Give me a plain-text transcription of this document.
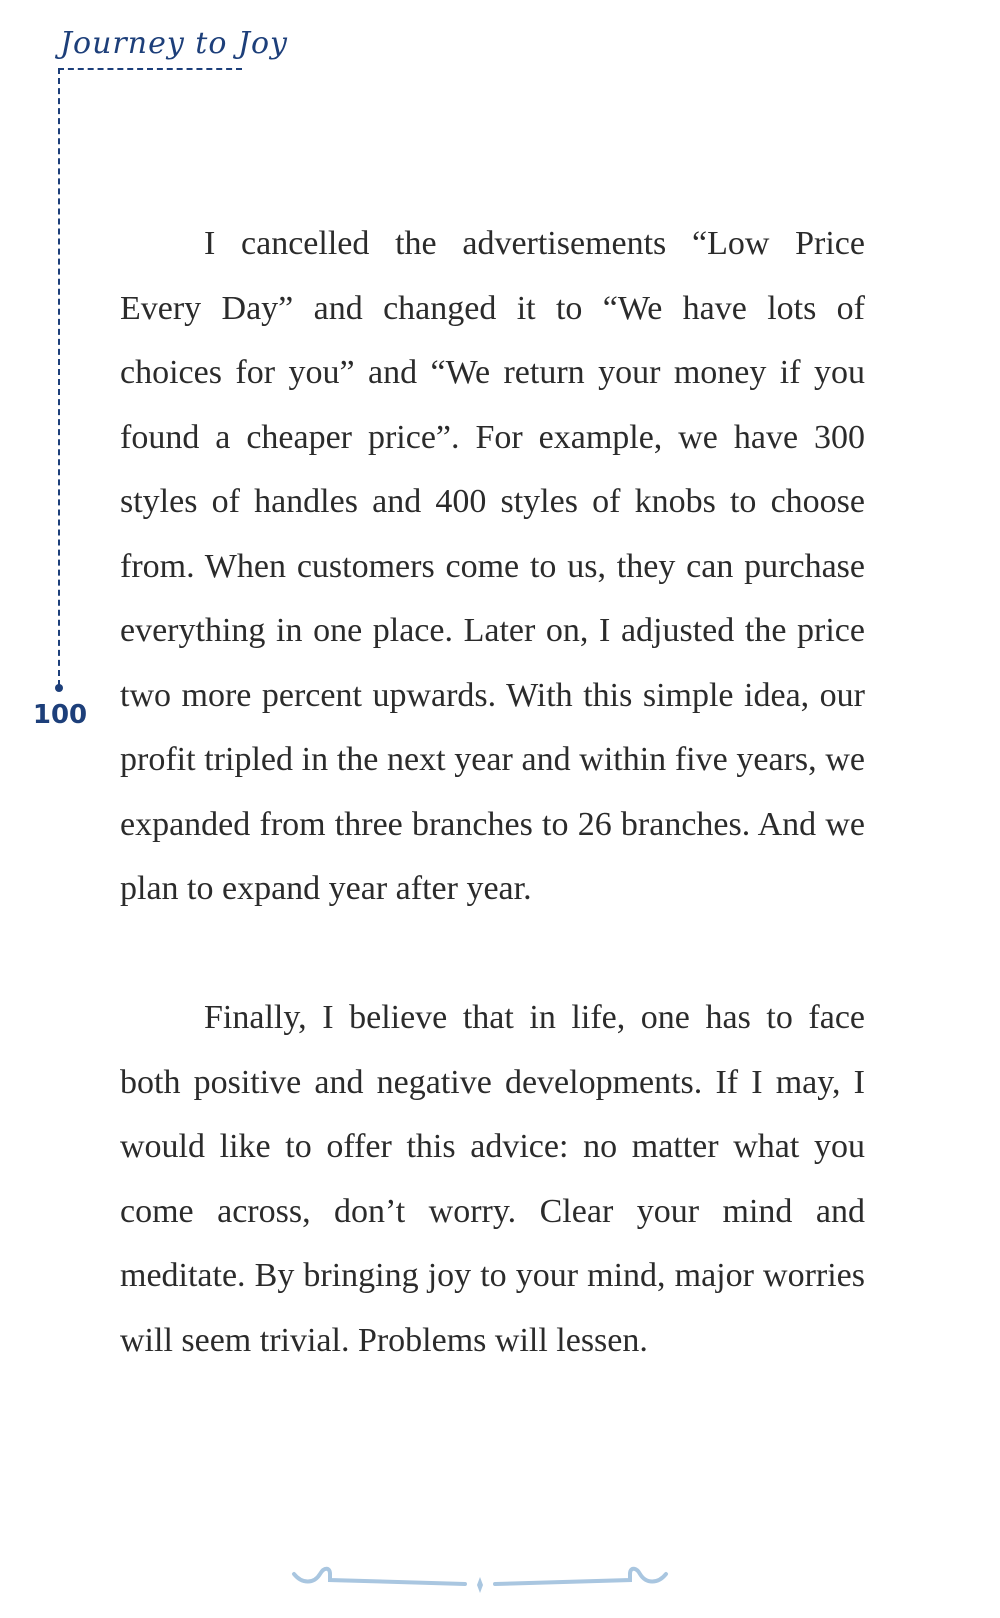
Journey to Joy
100

I cancelled the advertisements “Low Price Every Day” and changed it to “We have lots of choices for you” and “We return your money if you found a cheaper price”. For example, we have 300 styles of handles and 400 styles of knobs to choose from. When customers come to us, they can purchase everything in one place. Later on, I adjusted the price two more percent upwards. With this simple idea, our profit tripled in the next year and within five years, we expanded from three branches to 26 branches. And we plan to expand year after year.

Finally, I believe that in life, one has to face both positive and negative developments. If I may, I would like to offer this advice: no matter what you come across, don’t worry. Clear your mind and meditate. By bringing joy to your mind, major worries will seem trivial. Problems will lessen.
